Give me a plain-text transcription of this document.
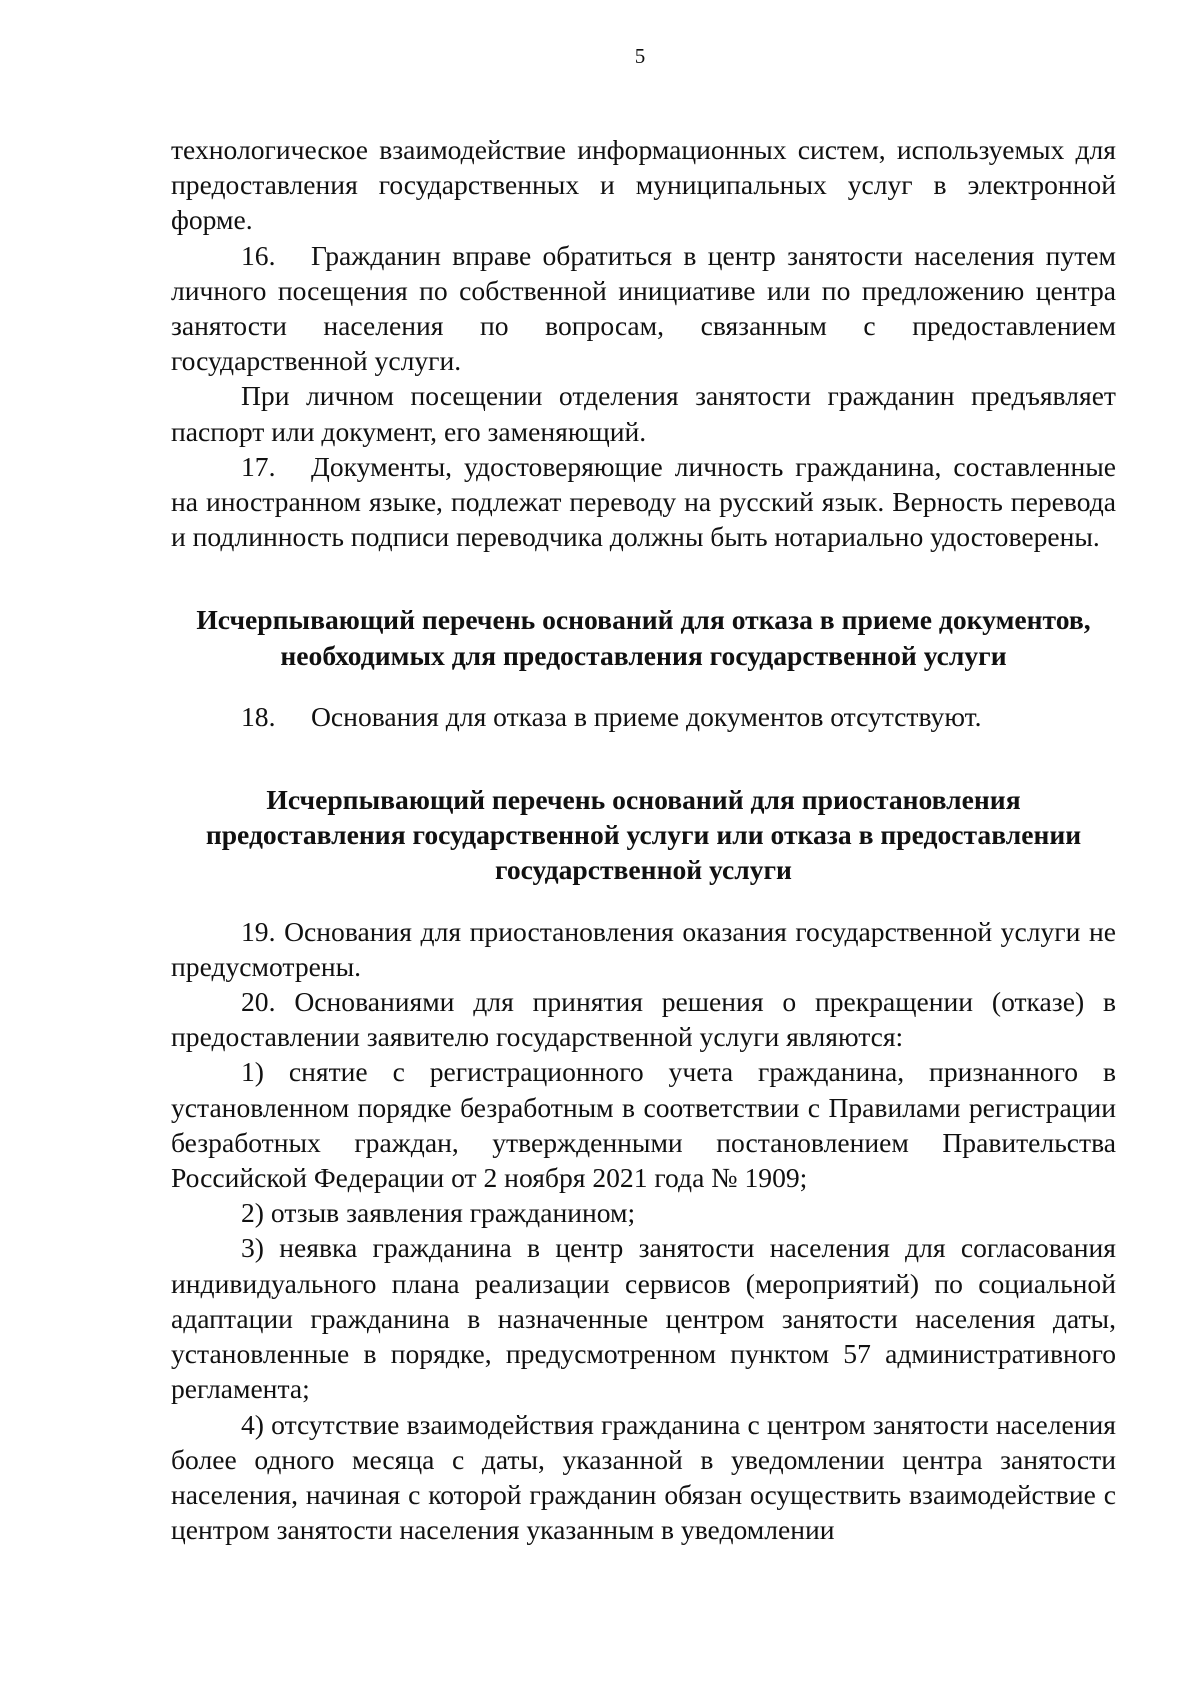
5

технологическое взаимодействие информационных систем, используемых для предоставления государственных и муниципальных услуг в электронной форме.

16. Гражданин вправе обратиться в центр занятости населения путем личного посещения по собственной инициативе или по предложению центра занятости населения по вопросам, связанным с предоставлением государственной услуги.

При личном посещении отделения занятости гражданин предъявляет паспорт или документ, его заменяющий.

17. Документы, удостоверяющие личность гражданина, составленные на иностранном языке, подлежат переводу на русский язык. Верность перевода и подлинность подписи переводчика должны быть нотариально удостоверены.

Исчерпывающий перечень оснований для отказа в приеме документов, необходимых для предоставления государственной услуги

18. Основания для отказа в приеме документов отсутствуют.

Исчерпывающий перечень оснований для приостановления предоставления государственной услуги или отказа в предоставлении государственной услуги

19. Основания для приостановления оказания государственной услуги не предусмотрены.

20. Основаниями для принятия решения о прекращении (отказе) в предоставлении заявителю государственной услуги являются:

1) снятие с регистрационного учета гражданина, признанного в установленном порядке безработным в соответствии с Правилами регистрации безработных граждан, утвержденными постановлением Правительства Российской Федерации от 2 ноября 2021 года № 1909;

2) отзыв заявления гражданином;

3) неявка гражданина в центр занятости населения для согласования индивидуального плана реализации сервисов (мероприятий) по социальной адаптации гражданина в назначенные центром занятости населения даты, установленные в порядке, предусмотренном пунктом 57 административного регламента;

4) отсутствие взаимодействия гражданина с центром занятости населения более одного месяца с даты, указанной в уведомлении центра занятости населения, начиная с которой гражданин обязан осуществить взаимодействие с центром занятости населения указанным в уведомлении
